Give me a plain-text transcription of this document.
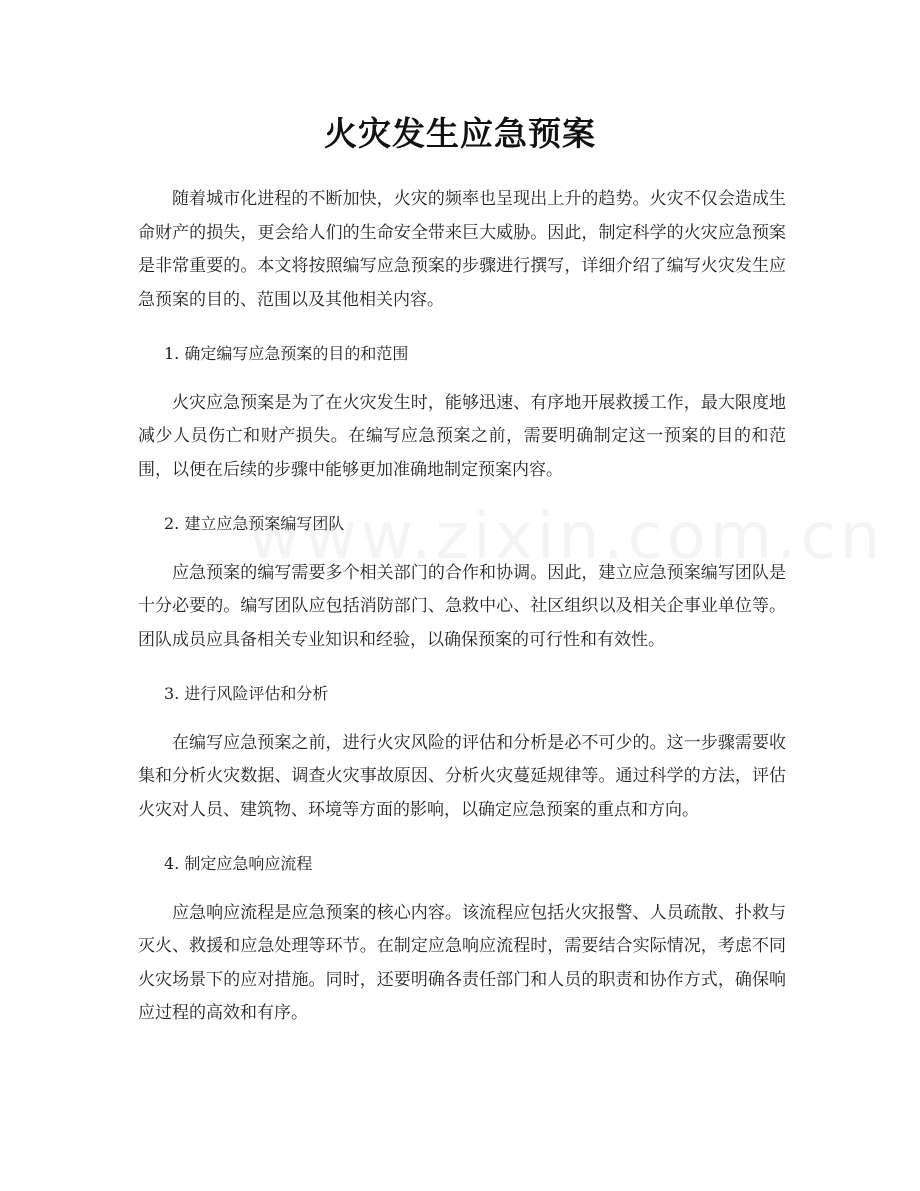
火灾发生应急预案

随着城市化进程的不断加快，火灾的频率也呈现出上升的趋势。火灾不仅会造成生命财产的损失，更会给人们的生命安全带来巨大威胁。因此，制定科学的火灾应急预案是非常重要的。本文将按照编写应急预案的步骤进行撰写，详细介绍了编写火灾发生应急预案的目的、范围以及其他相关内容。

1. 确定编写应急预案的目的和范围

火灾应急预案是为了在火灾发生时，能够迅速、有序地开展救援工作，最大限度地减少人员伤亡和财产损失。在编写应急预案之前，需要明确制定这一预案的目的和范围，以便在后续的步骤中能够更加准确地制定预案内容。

2. 建立应急预案编写团队

应急预案的编写需要多个相关部门的合作和协调。因此，建立应急预案编写团队是十分必要的。编写团队应包括消防部门、急救中心、社区组织以及相关企事业单位等。团队成员应具备相关专业知识和经验，以确保预案的可行性和有效性。

3. 进行风险评估和分析

在编写应急预案之前，进行火灾风险的评估和分析是必不可少的。这一步骤需要收集和分析火灾数据、调查火灾事故原因、分析火灾蔓延规律等。通过科学的方法，评估火灾对人员、建筑物、环境等方面的影响，以确定应急预案的重点和方向。

4. 制定应急响应流程

应急响应流程是应急预案的核心内容。该流程应包括火灾报警、人员疏散、扑救与灭火、救援和应急处理等环节。在制定应急响应流程时，需要结合实际情况，考虑不同火灾场景下的应对措施。同时，还要明确各责任部门和人员的职责和协作方式，确保响应过程的高效和有序。
